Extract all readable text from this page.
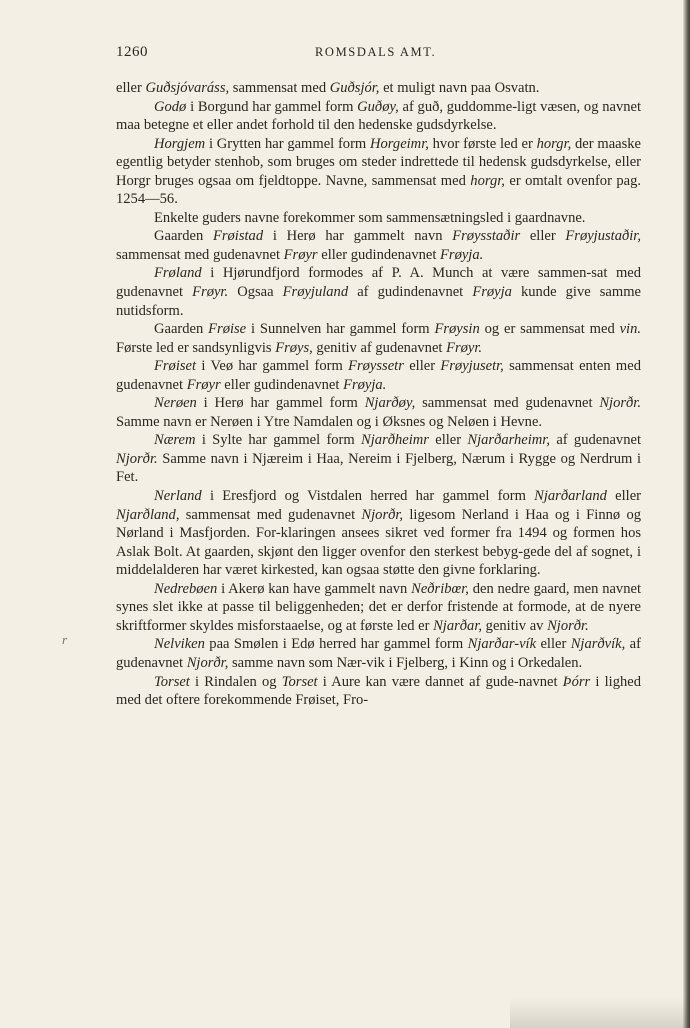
1260	ROMSDALS AMT.
r

eller Guðsjóvaráss, sammensat med Guðsjór, et muligt navn paa Osvatn.

Godø i Borgund har gammel form Guðøy, af guð, guddomme-ligt væsen, og navnet maa betegne et eller andet forhold til den hedenske gudsdyrkelse.

Horgjem i Grytten har gammel form Horgeimr, hvor første led er horgr, der maaske egentlig betyder stenhob, som bruges om steder indrettede til hedensk gudsdyrkelse, eller Horgr bruges ogsaa om fjeldtoppe. Navne, sammensat med horgr, er omtalt ovenfor pag. 1254—56.

Enkelte guders navne forekommer som sammensætningsled i gaardnavne.

Gaarden Frøistad i Herø har gammelt navn Frøysstaðir eller Frøyjustaðir, sammensat med gudenavnet Frøyr eller gudindenavnet Frøyja.

Frøland i Hjørundfjord formodes af P. A. Munch at være sammen-sat med gudenavnet Frøyr. Ogsaa Frøyjuland af gudindenavnet Frøyja kunde give samme nutidsform.

Gaarden Frøise i Sunnelven har gammel form Frøysin og er sammensat med vin. Første led er sandsynligvis Frøys, genitiv af gudenavnet Frøyr.

Frøiset i Veø har gammel form Frøyssetr eller Frøyjusetr, sammensat enten med gudenavnet Frøyr eller gudindenavnet Frøyja.

Nerøen i Herø har gammel form Njarðøy, sammensat med gudenavnet Njorðr. Samme navn er Nerøen i Ytre Namdalen og i Øksnes og Neløen i Hevne.

Nærem i Sylte har gammel form Njarðheimr eller Njarðarheimr, af gudenavnet Njorðr. Samme navn i Njæreim i Haa, Nereim i Fjelberg, Nærum i Rygge og Nerdrum i Fet.

Nerland i Eresfjord og Vistdalen herred har gammel form Njarðarland eller Njarðland, sammensat med gudenavnet Njorðr, ligesom Nerland i Haa og i Finnø og Nørland i Masfjorden. For-klaringen ansees sikret ved former fra 1494 og formen hos Aslak Bolt. At gaarden, skjønt den ligger ovenfor den sterkest bebyg-gede del af sognet, i middelalderen har været kirkested, kan ogsaa støtte den givne forklaring.

Nedrebøen i Akerø kan have gammelt navn Neðribœr, den nedre gaard, men navnet synes slet ikke at passe til beliggenheden; det er derfor fristende at formode, at de nyere skriftformer skyldes misforstaaelse, og at første led er Njarðar, genitiv av Njorðr.

Nelviken paa Smølen i Edø herred har gammel form Njarðar-vík eller Njarðvík, af gudenavnet Njorðr, samme navn som Nær-vik i Fjelberg, i Kinn og i Orkedalen.

Torset i Rindalen og Torset i Aure kan være dannet af gude-navnet Þórr i lighed med det oftere forekommende Frøiset, Fro-
